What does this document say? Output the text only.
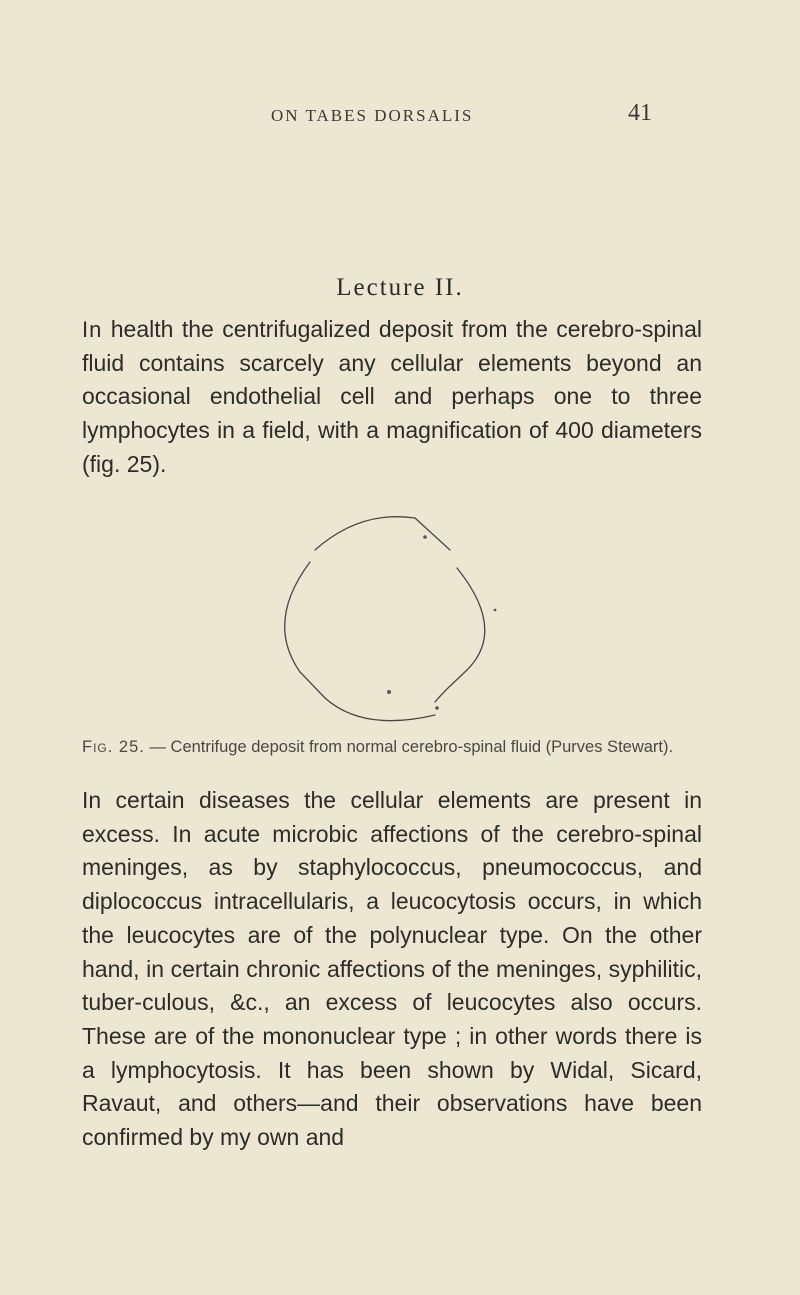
ON TABES DORSALIS	41
Lecture II.
In health the centrifugalized deposit from the cerebro-spinal fluid contains scarcely any cellular elements beyond an occasional endothelial cell and perhaps one to three lymphocytes in a field, with a magnification of 400 diameters (fig. 25).
Fig. 25. — Centrifuge deposit from normal cerebro-spinal fluid (Purves Stewart).
In certain diseases the cellular elements are present in excess. In acute microbic affections of the cerebro-spinal meninges, as by staphylococcus, pneumococcus, and diplococcus intracellularis, a leucocytosis occurs, in which the leucocytes are of the polynuclear type. On the other hand, in certain chronic affections of the meninges, syphilitic, tuber-culous, &c., an excess of leucocytes also occurs. These are of the mononuclear type ; in other words there is a lymphocytosis. It has been shown by Widal, Sicard, Ravaut, and others—and their observations have been confirmed by my own and
